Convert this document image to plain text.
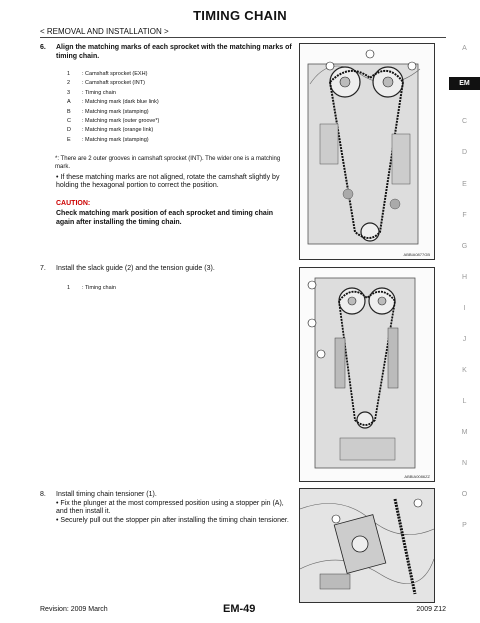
TIMING CHAIN
< REMOVAL AND INSTALLATION >
6. Align the matching marks of each sprocket with the matching marks of timing chain.
1 : Camshaft sprocket (EXH)
2 : Camshaft sprocket (INT)
3 : Timing chain
A : Matching mark (dark blue link)
B : Matching mark (stamping)
C : Matching mark (outer groove*)
D : Matching mark (orange link)
E : Matching mark (stamping)
*: There are 2 outer grooves in camshaft sprocket (INT). The wider one is a matching mark.
• If these matching marks are not aligned, rotate the camshaft slightly by holding the hexagonal portion to correct the position.
CAUTION:
Check matching mark position of each sprocket and timing chain again after installing the timing chain.
ABBIA0877GB
7. Install the slack guide (2) and the tension guide (3).
1 : Timing chain
ABBIA0086ZZ
8. Install timing chain tensioner (1).
• Fix the plunger at the most compressed position using a stopper pin (A), and then install it.
• Securely pull out the stopper pin after installing the timing chain tensioner.
A
EM
C
D
E
F
G
H
I
J
K
L
M
N
O
P
Revision: 2009 March	EM-49	2009 Z12
